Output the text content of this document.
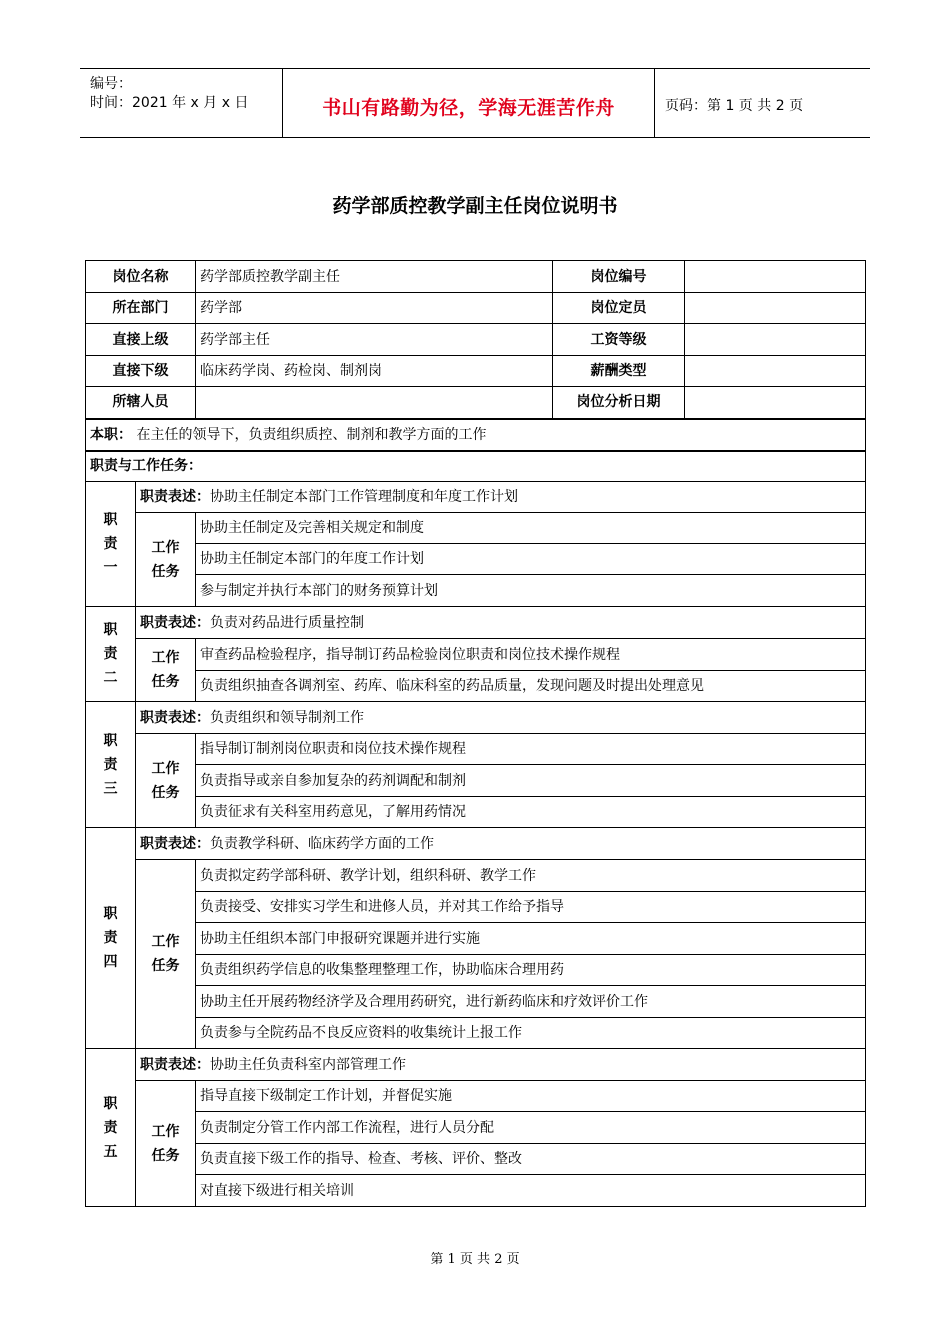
编号：
时间：2021 年 x 月 x 日	书山有路勤为径，学海无涯苦作舟	页码：第 1 页 共 2 页
药学部质控教学副主任岗位说明书
岗位名称		药学部质控教学副主任	岗位编号	
所在部门		药学部	岗位定员	
直接上级		药学部主任	工资等级	
直接下级		临床药学岗、药检岗、制剂岗	薪酬类型	
所辖人员			岗位分析日期	
本职： 在主任的领导下，负责组织质控、制剂和教学方面的工作				
职责与工作任务：				
职责一	职责表述：协助主任制定本部门工作管理制度和年度工作计划			
	工作任务	协助主任制定及完善相关规定和制度		
		协助主任制定本部门的年度工作计划		
		参与制定并执行本部门的财务预算计划		
职责二	职责表述：负责对药品进行质量控制			
	工作任务	审查药品检验程序，指导制订药品检验岗位职责和岗位技术操作规程		
		负责组织抽查各调剂室、药库、临床科室的药品质量，发现问题及时提出处理意见		
职责三	职责表述：负责组织和领导制剂工作			
	工作任务	指导制订制剂岗位职责和岗位技术操作规程		
		负责指导或亲自参加复杂的药剂调配和制剂		
		负责征求有关科室用药意见，了解用药情况		
职责四	职责表述：负责教学科研、临床药学方面的工作			
	工作任务	负责拟定药学部科研、教学计划，组织科研、教学工作		
		负责接受、安排实习学生和进修人员，并对其工作给予指导		
		协助主任组织本部门申报研究课题并进行实施		
		负责组织药学信息的收集整理整理工作，协助临床合理用药		
		协助主任开展药物经济学及合理用药研究，进行新药临床和疗效评价工作		
		负责参与全院药品不良反应资料的收集统计上报工作		
职责五	职责表述：协助主任负责科室内部管理工作			
	工作任务	指导直接下级制定工作计划，并督促实施		
		负责制定分管工作内部工作流程，进行人员分配		
		负责直接下级工作的指导、检查、考核、评价、整改		
		对直接下级进行相关培训		
第 1 页 共 2 页
